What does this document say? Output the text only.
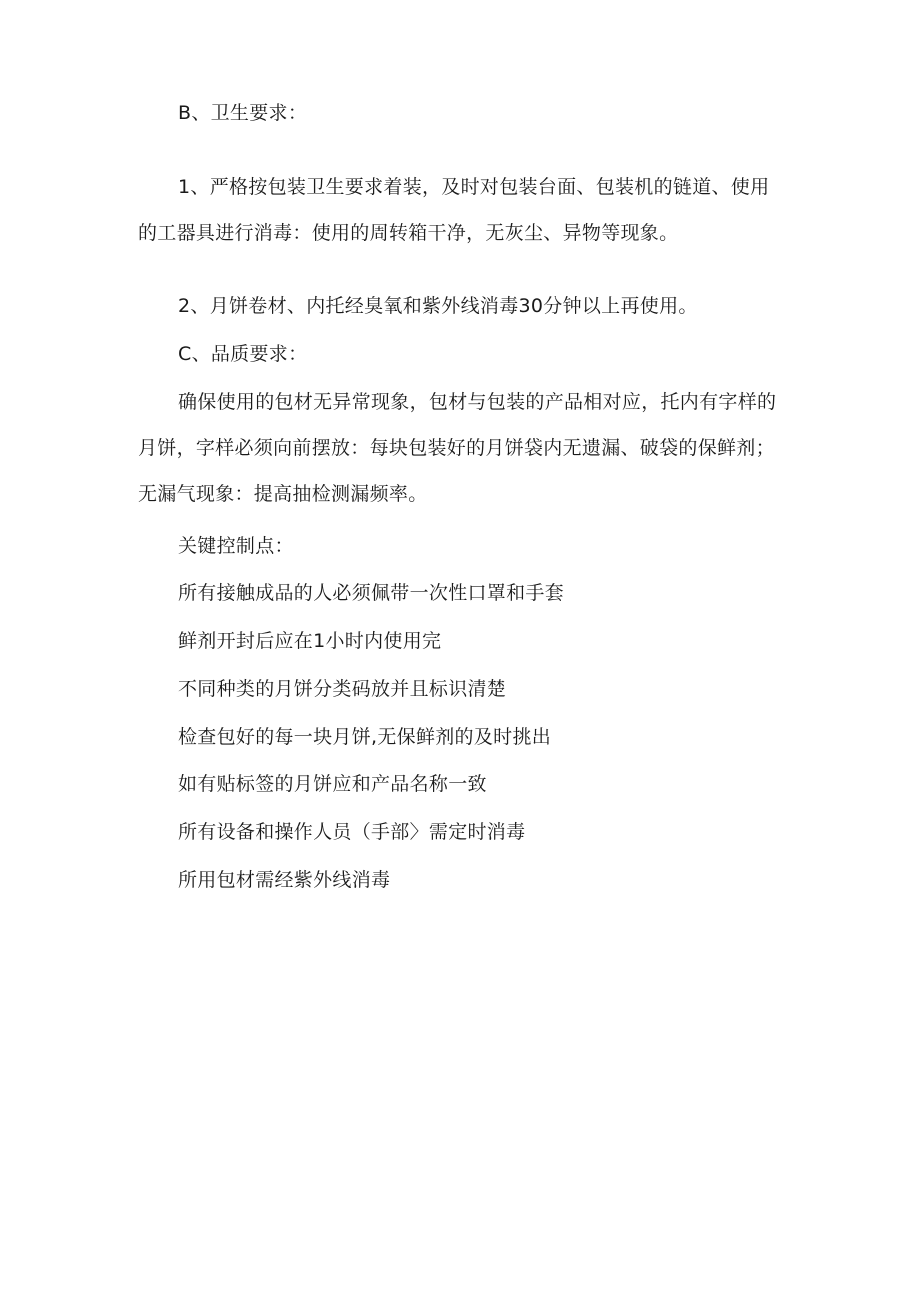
B、卫生要求：
1、严格按包装卫生要求着装，及时对包装台面、包装机的链道、使用的工器具进行消毒：使用的周转箱干净，无灰尘、异物等现象。
2、月饼卷材、内托经臭氧和紫外线消毒30分钟以上再使用。
C、品质要求：
确保使用的包材无异常现象，包材与包装的产品相对应，托内有字样的月饼，字样必须向前摆放：每块包装好的月饼袋内无遗漏、破袋的保鲜剂；无漏气现象：提高抽检测漏频率。
关键控制点：
所有接触成品的人必须佩带一次性口罩和手套
鲜剂开封后应在1小时内使用完
不同种类的月饼分类码放并且标识清楚
检查包好的每一块月饼,无保鲜剂的及时挑出
如有贴标签的月饼应和产品名称一致
所有设备和操作人员（手部〉需定时消毒
所用包材需经紫外线消毒
